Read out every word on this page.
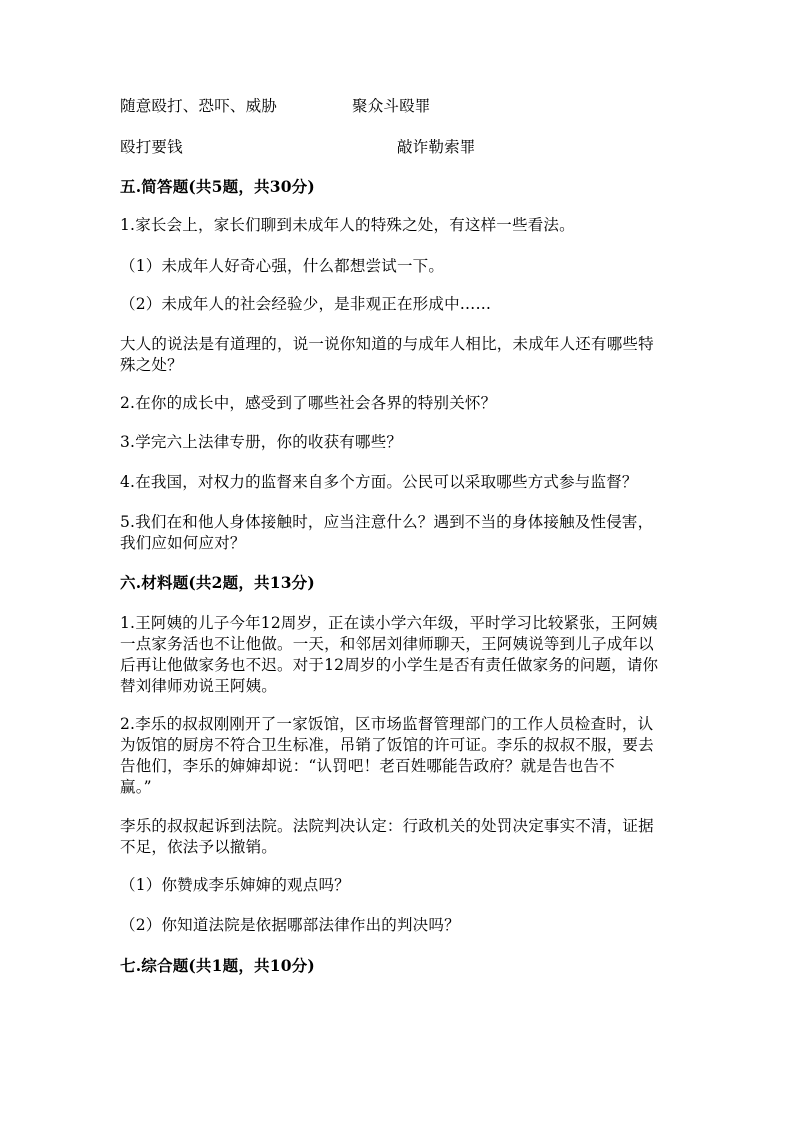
随意殴打、恐吓、威胁	聚众斗殴罪
殴打要钱	敲诈勒索罪
五.简答题(共5题，共30分)
1.家长会上，家长们聊到未成年人的特殊之处，有这样一些看法。
（1）未成年人好奇心强，什么都想尝试一下。
（2）未成年人的社会经验少，是非观正在形成中……
大人的说法是有道理的，说一说你知道的与成年人相比，未成年人还有哪些特
殊之处？
2.在你的成长中，感受到了哪些社会各界的特别关怀？
3.学完六上法律专册，你的收获有哪些？
4.在我国，对权力的监督来自多个方面。公民可以采取哪些方式参与监督？
5.我们在和他人身体接触时，应当注意什么？遇到不当的身体接触及性侵害，
我们应如何应对？
六.材料题(共2题，共13分)
1.王阿姨的儿子今年12周岁，正在读小学六年级，平时学习比较紧张，王阿姨
一点家务活也不让他做。一天，和邻居刘律师聊天，王阿姨说等到儿子成年以
后再让他做家务也不迟。对于12周岁的小学生是否有责任做家务的问题，请你
替刘律师劝说王阿姨。
2.李乐的叔叔刚刚开了一家饭馆，区市场监督管理部门的工作人员检查时，认
为饭馆的厨房不符合卫生标准，吊销了饭馆的许可证。李乐的叔叔不服，要去
告他们，李乐的婶婶却说：“认罚吧！老百姓哪能告政府？就是告也告不
赢。”
李乐的叔叔起诉到法院。法院判决认定：行政机关的处罚决定事实不清，证据
不足，依法予以撤销。
（1）你赞成李乐婶婶的观点吗？
（2）你知道法院是依据哪部法律作出的判决吗？
七.综合题(共1题，共10分)
